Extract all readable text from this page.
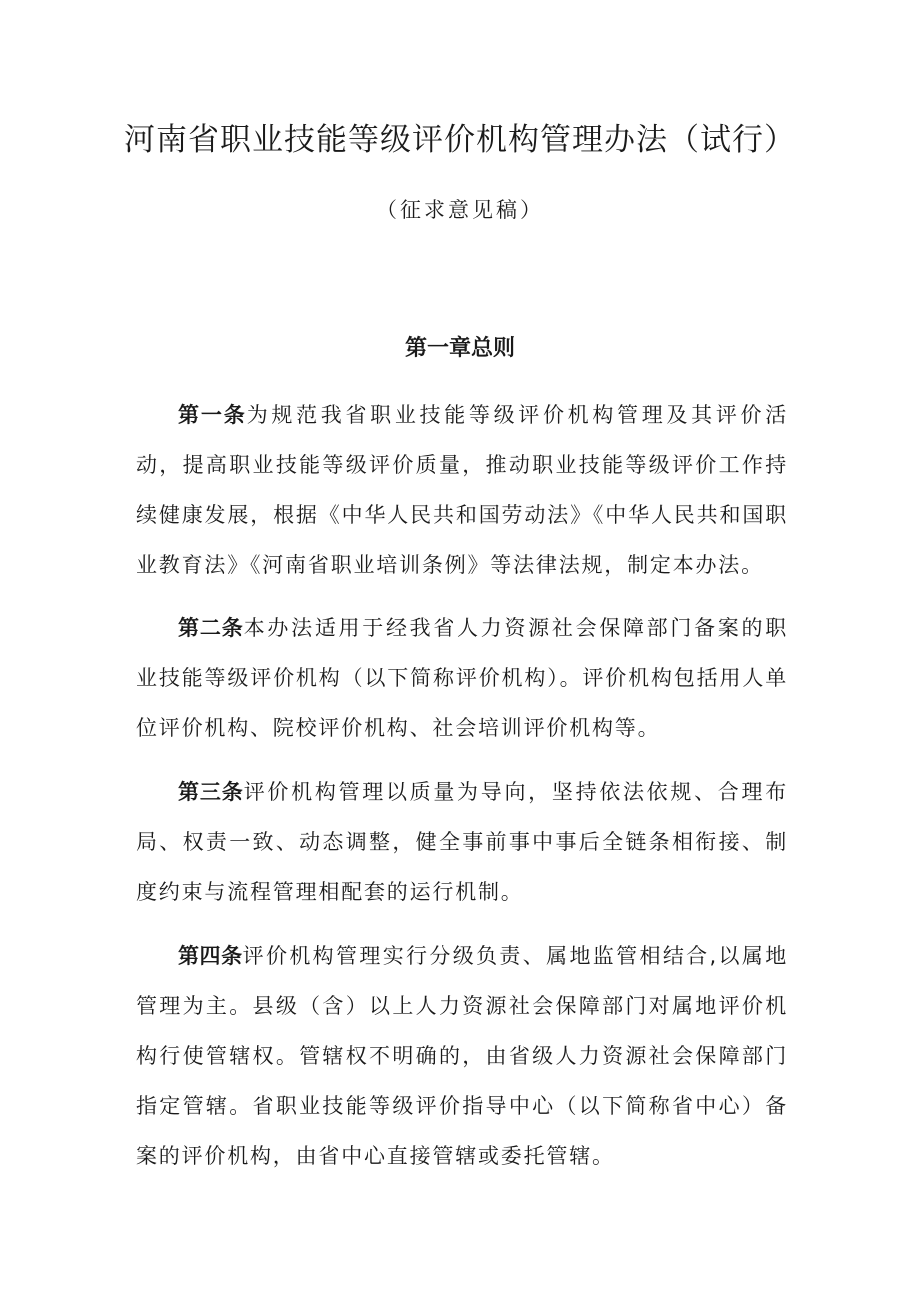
河南省职业技能等级评价机构管理办法（试行）
（征求意见稿）
第一章总则

第一条为规范我省职业技能等级评价机构管理及其评价活动，提高职业技能等级评价质量，推动职业技能等级评价工作持续健康发展，根据《中华人民共和国劳动法》《中华人民共和国职业教育法》《河南省职业培训条例》等法律法规，制定本办法。

第二条本办法适用于经我省人力资源社会保障部门备案的职业技能等级评价机构（以下简称评价机构）。评价机构包括用人单位评价机构、院校评价机构、社会培训评价机构等。

第三条评价机构管理以质量为导向，坚持依法依规、合理布局、权责一致、动态调整，健全事前事中事后全链条相衔接、制度约束与流程管理相配套的运行机制。

第四条评价机构管理实行分级负责、属地监管相结合,以属地管理为主。县级（含）以上人力资源社会保障部门对属地评价机构行使管辖权。管辖权不明确的，由省级人力资源社会保障部门指定管辖。省职业技能等级评价指导中心（以下简称省中心）备案的评价机构，由省中心直接管辖或委托管辖。
